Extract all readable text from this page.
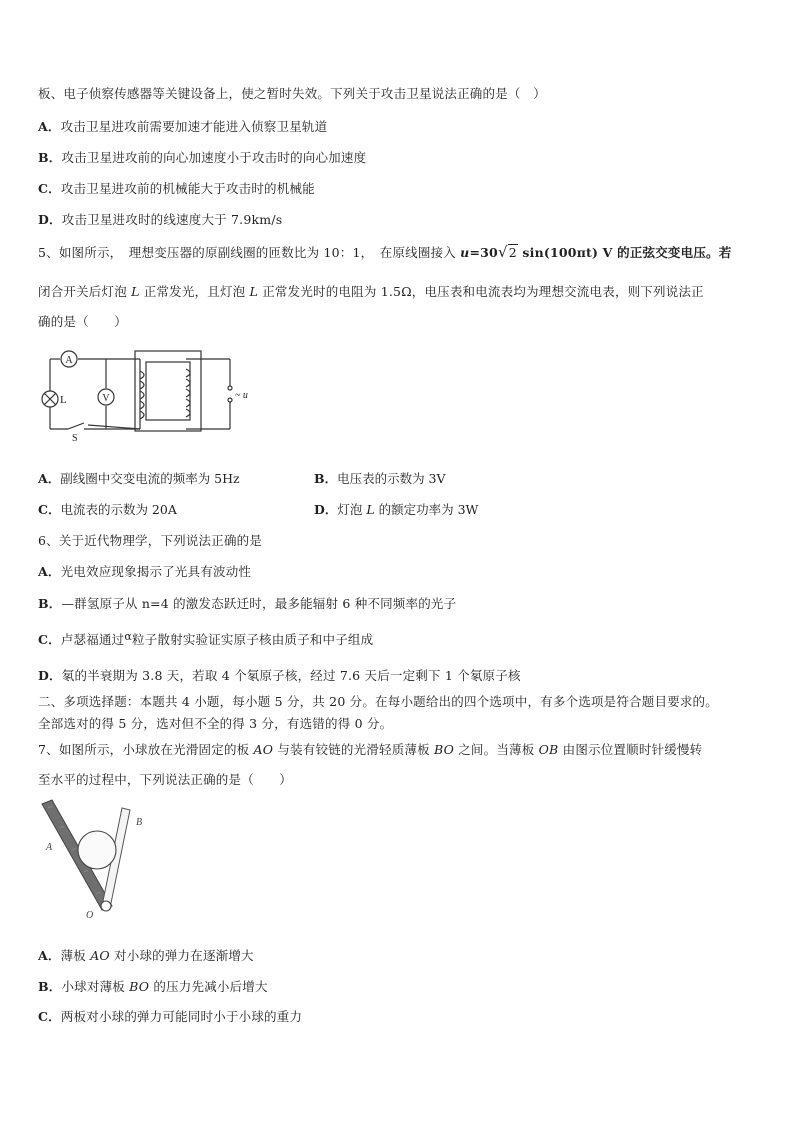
板、电子侦察传感器等关键设备上，使之暂时失效。下列关于攻击卫星说法正确的是（　）
A．攻击卫星进攻前需要加速才能进入侦察卫星轨道
B．攻击卫星进攻前的向心加速度小于攻击时的向心加速度
C．攻击卫星进攻前的机械能大于攻击时的机械能
D．攻击卫星进攻时的线速度大于 7.9km/s
5、如图所示，　理想变压器的原副线圈的匝数比为 10：1，　在原线圈接入 u=30√2 sin(100πt) V 的正弦交变电压。若
闭合开关后灯泡 L 正常发光，且灯泡 L 正常发光时的电阻为 1.5Ω，电压表和电流表均为理想交流电表，则下列说法正
确的是（　　）
A
V
L
S
~ u
A．副线圈中交变电流的频率为 5Hz	B．电压表的示数为 3V
C．电流表的示数为 20A	D．灯泡 L 的额定功率为 3W
6、关于近代物理学，下列说法正确的是
A．光电效应现象揭示了光具有波动性
B．—群氢原子从 n=4 的激发态跃迁时，最多能辐射 6 种不同频率的光子
C．卢瑟福通过α粒子散射实验证实原子核由质子和中子组成
D．氡的半衰期为 3.8 天，若取 4 个氡原子核，经过 7.6 天后一定剩下 1 个氡原子核
二、多项选择题：本题共 4 小题，每小题 5 分，共 20 分。在每小题给出的四个选项中，有多个选项是符合题目要求的。
全部选对的得 5 分，选对但不全的得 3 分，有选错的得 0 分。
7、如图所示，小球放在光滑固定的板 AO 与装有铰链的光滑轻质薄板 BO 之间。当薄板 OB 由图示位置顺时针缓慢转
至水平的过程中，下列说法正确的是（　　）
A
B
O
A．薄板 AO 对小球的弹力在逐渐增大
B．小球对薄板 BO 的压力先减小后增大
C．两板对小球的弹力可能同时小于小球的重力
